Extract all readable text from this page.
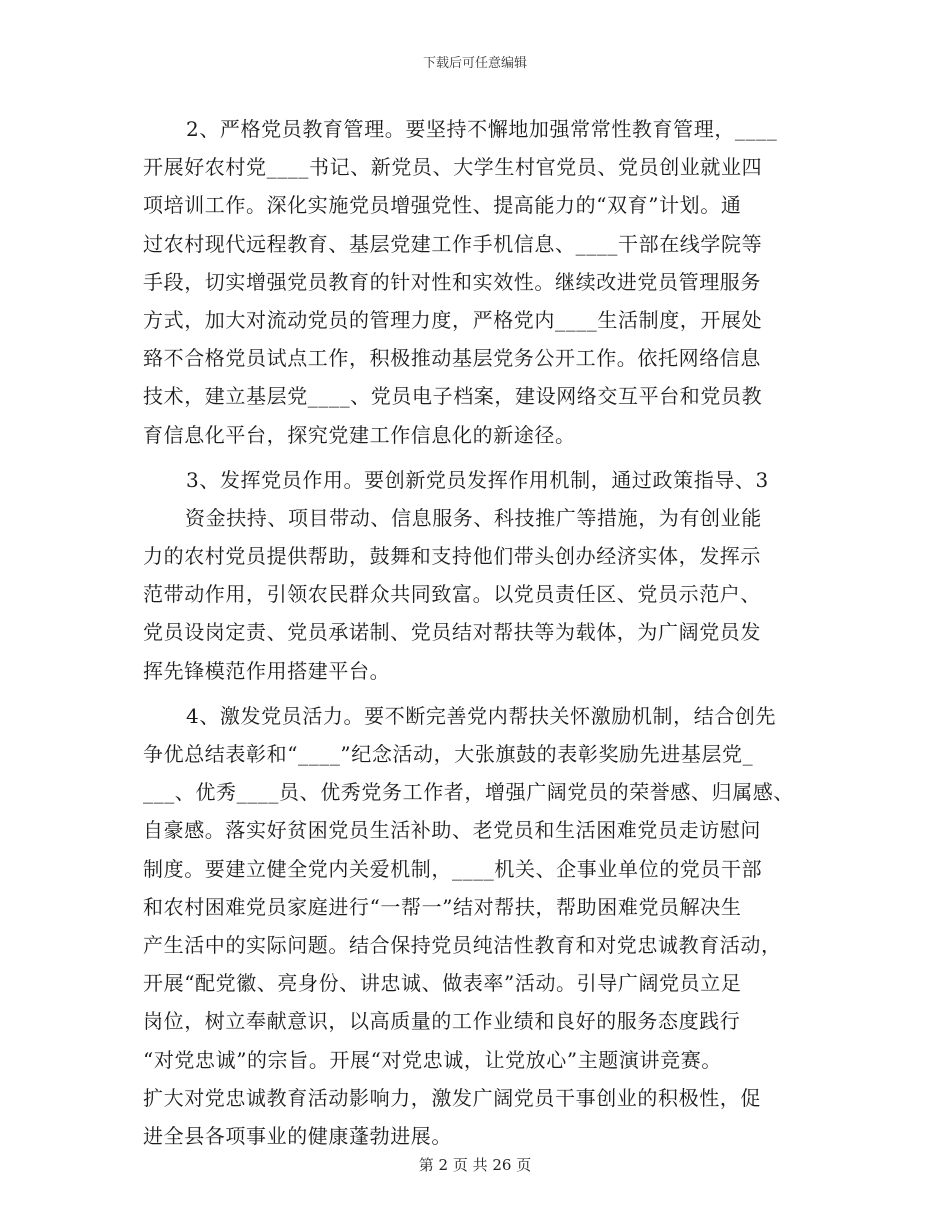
下载后可任意编辑
2、严格党员教育管理。要坚持不懈地加强常常性教育管理，____
开展好农村党____书记、新党员、大学生村官党员、党员创业就业四
项培训工作。深化实施党员增强党性、提高能力的“双育”计划。通
过农村现代远程教育、基层党建工作手机信息、____干部在线学院等
手段，切实增强党员教育的针对性和实效性。继续改进党员管理服务
方式，加大对流动党员的管理力度，严格党内____生活制度，开展处
臵不合格党员试点工作，积极推动基层党务公开工作。依托网络信息
技术，建立基层党____、党员电子档案，建设网络交互平台和党员教
育信息化平台，探究党建工作信息化的新途径。
3、发挥党员作用。要创新党员发挥作用机制，通过政策指导、3
资金扶持、项目带动、信息服务、科技推广等措施，为有创业能
力的农村党员提供帮助，鼓舞和支持他们带头创办经济实体，发挥示
范带动作用，引领农民群众共同致富。以党员责任区、党员示范户、
党员设岗定责、党员承诺制、党员结对帮扶等为载体，为广阔党员发
挥先锋模范作用搭建平台。
4、激发党员活力。要不断完善党内帮扶关怀激励机制，结合创先
争优总结表彰和“____”纪念活动，大张旗鼓的表彰奖励先进基层党_
___、优秀____员、优秀党务工作者，增强广阔党员的荣誉感、归属感、
自豪感。落实好贫困党员生活补助、老党员和生活困难党员走访慰问
制度。要建立健全党内关爱机制，____机关、企事业单位的党员干部
和农村困难党员家庭进行“一帮一”结对帮扶，帮助困难党员解决生
产生活中的实际问题。结合保持党员纯洁性教育和对党忠诚教育活动，
开展“配党徽、亮身份、讲忠诚、做表率”活动。引导广阔党员立足
岗位，树立奉献意识，以高质量的工作业绩和良好的服务态度践行
“对党忠诚”的宗旨。开展“对党忠诚，让党放心”主题演讲竞赛。
扩大对党忠诚教育活动影响力，激发广阔党员干事创业的积极性，促
进全县各项事业的健康蓬勃进展。
第 2 页 共 26 页
